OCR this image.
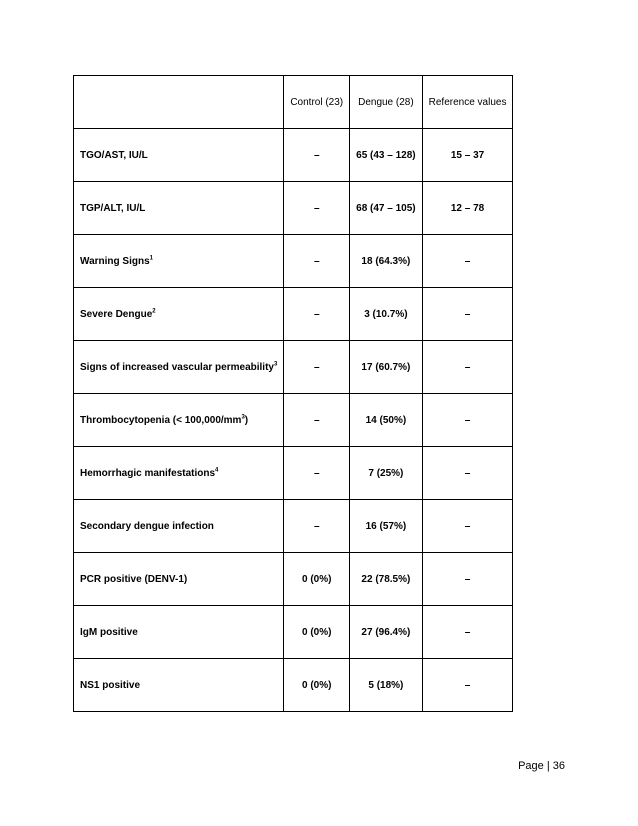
	Control (23)	Dengue (28)	Reference values
TGO/AST, IU/L	–	65 (43 – 128)	15 – 37
TGP/ALT, IU/L	–	68 (47 – 105)	12 – 78
Warning Signs$^1$	–	18 (64.3%)	–
Severe Dengue$^2$	–	3 (10.7%)	–
Signs of increased vascular permeability$^3$	–	17 (60.7%)	–
Thrombocytopenia (< $100,000/mm^3$)	–	14 (50%)	–
Hemorrhagic manifestations$^4$	–	7 (25%)	–
Secondary dengue infection	–	16 (57%)	–
PCR positive (DENV-1)	0 (0%)	22 (78.5%)	–
IgM positive	0 (0%)	27 (96.4%)	–
NS1 positive	0 (0%)	5 (18%)	–
Page | 36
